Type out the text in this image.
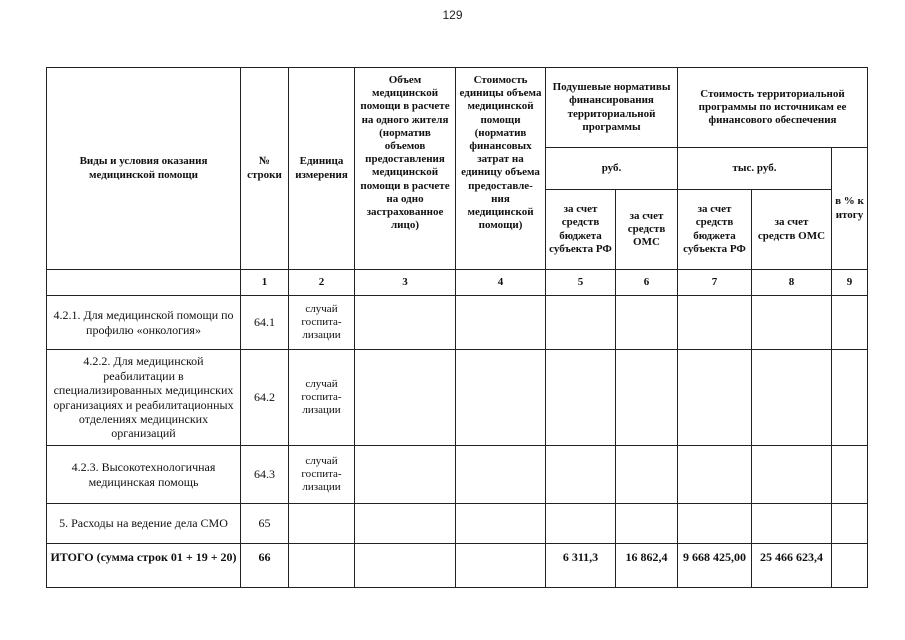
129
Виды и условия оказания медицинской помощи	№ строки	Единица измерения	Объем медицинской помощи в расчете на одного жителя (норматив объемов предоставления медицинской помощи в расчете на одно застрахованное лицо)	Стоимость единицы объема медицинской помощи (норматив финансовых затрат на единицу объема предоставле- ния медицинской помощи)	Подушевые нормативы финансирования территориальной программы		Стоимость территориальной программы по источникам ее финансового обеспечения		
					руб.		тыс. руб.		в % к итогу
					за счет средств бюджета субъекта РФ	за счет средств ОМС	за счет средств бюджета субъекта РФ	за счет средств ОМС	
	1	2	3	4	5	6	7	8	9
4.2.1. Для медицинской помощи по профилю «онкология»	64.1	случай госпита- лизации							
4.2.2. Для медицинской реабилитации в специализированных медицинских организациях и реабилитационных отделениях медицинских организаций	64.2	случай госпита- лизации							
4.2.3. Высокотехнологичная медицинская помощь	64.3	случай госпита- лизации							
5. Расходы на ведение дела СМО	65								
ИТОГО (сумма строк 01 + 19 + 20)	66				6 311,3	16 862,4	9 668 425,00	25 466 623,4	
